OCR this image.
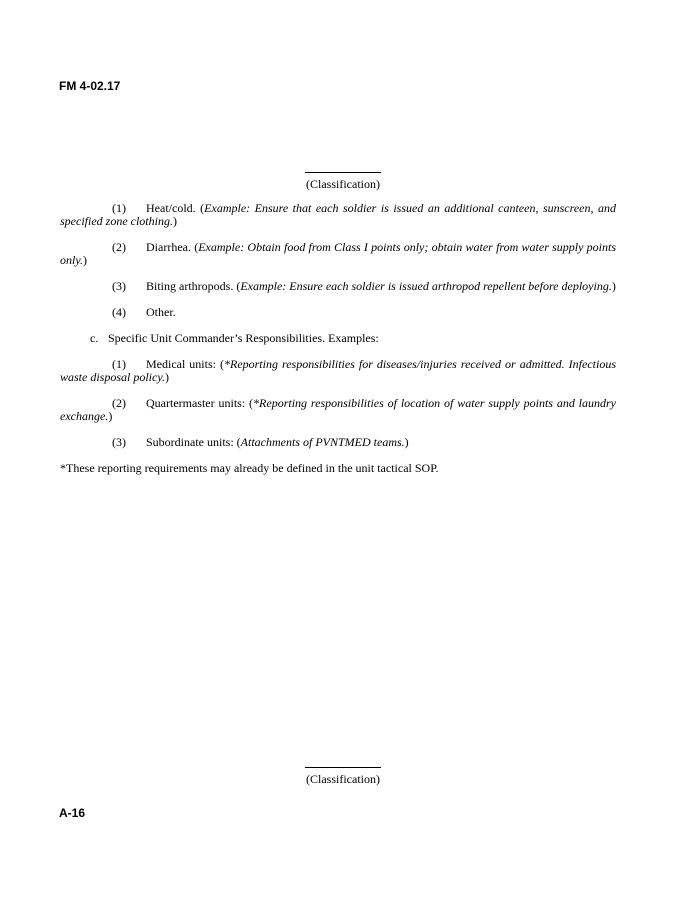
FM 4-02.17
(Classification)

(1) Heat/cold. (Example: Ensure that each soldier is issued an additional canteen, sunscreen, and specified zone clothing.)

(2) Diarrhea. (Example: Obtain food from Class I points only; obtain water from water supply points only.)

(3) Biting arthropods. (Example: Ensure each soldier is issued arthropod repellent before deploying.)

(4) Other.

c. Specific Unit Commander’s Responsibilities. Examples:

(1) Medical units: (*Reporting responsibilities for diseases/injuries received or admitted. Infectious waste disposal policy.)

(2) Quartermaster units: (*Reporting responsibilities of location of water supply points and laundry exchange.)

(3) Subordinate units: (Attachments of PVNTMED teams.)

*These reporting requirements may already be defined in the unit tactical SOP.

(Classification)
A-16
